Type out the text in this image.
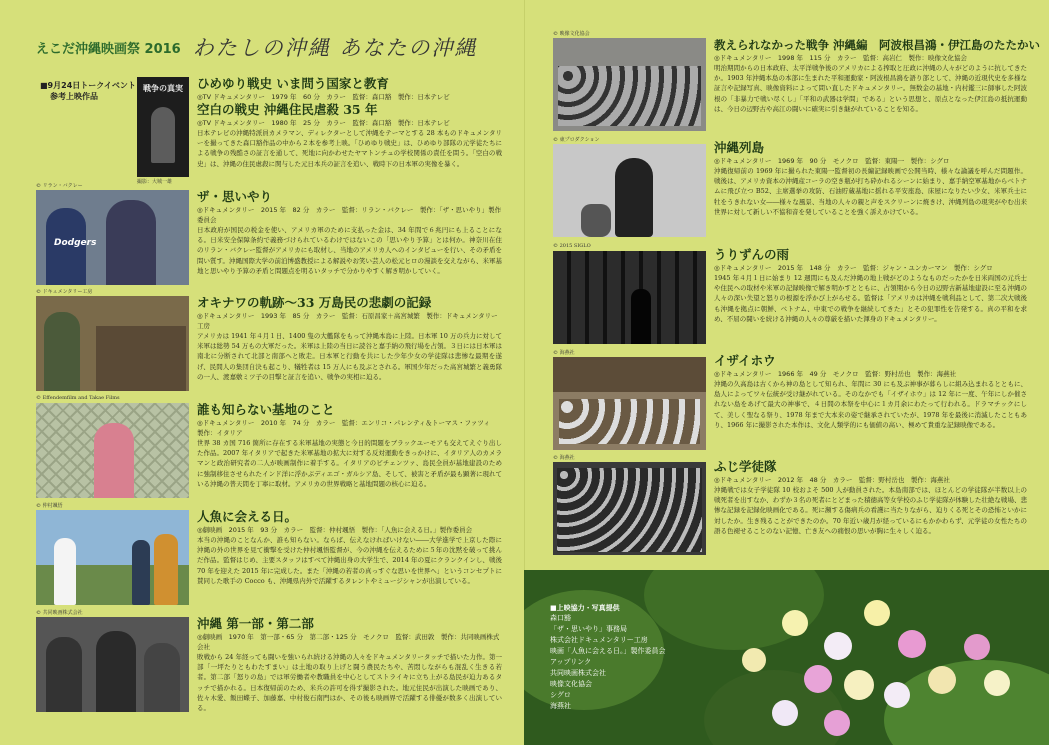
えこだ沖縄映画祭 2016 わたしの沖縄 あなたの沖縄
■9月24日トークイベント
参考上映作品
戦争の真実
撮影：大城一雄
ひめゆり戦史 いま問う国家と教育
◎TV ドキュメンタリー　1979 年　60 分　カラー　監督：森口豁　製作：日本テレビ
空白の戦史 沖縄住民虐殺 35 年
◎TV ドキュメンタリー　1980 年　25 分　カラー　監督：森口豁　製作：日本テレビ
日本テレビの沖縄特派員カメラマン、ディレクターとして沖縄をテーマとする 28 本ものドキュメンタリーを撮ってきた森口豁作品の中から２本を参考上映。「ひめゆり戦史」は、ひめゆり部隊の元学徒たちによる戦争の残酷さの証言を通して、死地に向かわせたヤマトンチュの学校関係の責任を問う。「空白の戦史」は、沖縄の住民虐殺に関与した元日本兵の証言を追い、戦時下の日本軍の実像を暴く。
© リラン・バクレー
Dodgers
ザ・思いやり
◎ドキュメンタリー　2015 年　82 分　カラー　監督：リラン・バクレー　製作：「ザ・思いやり」製作委員会
日本政府が国民の税金を使い、アメリカ軍のために支払った金は、34 年間で６兆円にも上ることになる。日米安全保障条約で義務づけられているわけではないこの「思いやり予算」とは何か。神奈川在住のリラン・バクレー監督がアメリカにも取材し、当地のアメリカ人へのインタビューを行い、その矛盾を問い質す。沖縄国際大学の前泊博盛教授による解説やお笑い芸人の松元ヒロの漫談を交えながら、米軍基地と思いやり予算の矛盾と問題点を明るいタッチで分かりやすく解き明かしていく。
© ドキュメンタリー工房
オキナワの軌跡～33 万島民の悲劇の記録
◎ドキュメンタリー　1993 年　85 分　カラー　監督：石原昌家＋高宮城繁　製作：ドキュメンタリー工房
アメリカは 1941 年４月１日、1400 隻の大艦隊をもって沖縄本島に上陸。日本軍 10 万の兵力に対して米軍は総勢 54 万もの大軍だった。米軍は上陸の当日に読谷と嘉手納の飛行場を占領。３日には日本軍は南北に分断されて北部と南部へと敗走。日本軍と行動を共にした少年少女の学徒隊は悲惨な最期を遂げ、民間人の集団自決も起こり、犠牲者は 15 万人にも及ぶとされる。軍国少年だった高宮城繁と義勇隊の一人、渡嘉敷ミツ子の目撃と証言を追い、戦争の実相に迫る。
© Effendemfilm and Takae Films
誰も知らない基地のこと
◎ドキュメンタリー　2010 年　74 分　カラー　監督：エンリコ・パレンティ＆トーマス・ファツィ　製作：イタリア
世界 38 カ国 716 箇所に存在する米軍基地の実態と今日的問題をブラックユーモアも交えてえぐり出した作品。2007 年イタリアで起きた米軍基地の拡大に対する反対運動をきっかけに、イタリア人のカメラマンと政治研究者の二人が映画制作に着手する。イタリアのビチェンツァ、島民全員が基地建設のために強制移住させられたインド洋に浮かぶディエゴ・ガルシア島、そして、被害と矛盾が最も顕著に現れている沖縄の普天間を丁寧に取材。アメリカの世界戦略と基地問題の核心に迫る。
© 仲村颯悟
人魚に会える日。
◎劇映画　2015 年　93 分　カラー　監督：仲村颯悟　製作：「人魚に会える日。」製作委員会
本当の沖縄のことなんか、誰も知らない。ならば、伝えなければいけない――大学進学で上京した際に沖縄の外の世界を見て衝撃を受けた仲村颯悟監督が、今の沖縄を伝えるために５年の沈黙を破って挑んだ作品。監督はじめ、主要スタッフはすべて沖縄出身の大学生で、2014 年の夏にクランクインし、戦後 70 年を迎えた 2015 年に完成した。また「沖縄の若者の真っすぐな思いを世界へ」というコンセプトに賛同した歌手の Cocco も、沖縄県内外で活躍するタレントやミュージシャンが出演している。
© 共同映画株式会社
沖縄 第一部・第二部
◎劇映画　1970 年　第一部・65 分　第二部・125 分　モノクロ　監督：武田敦　製作：共同映画株式会社
敗戦から 24 年経っても闘いを強いられ続ける沖縄の人々をドキュメンタリータッチで描いた力作。第一部「一坪たりともわたすまい」は土地の取り上げと闘う農民たちや、苦悶しながらも混乱く生きる若者。第二部「怒りの島」では軍労働者や教職員を中心としてストライキに立ち上がる島民が迫力あるタッチで描かれる。日本復帰前のため、米兵の許可を得ず撮影された。地元住民が出演した映画であり、佐々木愛、飯田蝶子、加藤嘉、中村俊石南門はか、その後も映画界で活躍する俳優が数多く出演している。
© 映像文化協会
教えられなかった戦争 沖縄編　阿波根昌鴻・伊江島のたたかい
◎ドキュメンタリー　1998 年　115 分　カラー　監督：高岩仁　製作：映像文化協会
明治期間からの日本政府、太平洋戦争後のアメリカによる搾取と圧政に沖縄の人々がどのように抗してきたか。1903 年沖縄本島の本部に生まれた平和運動家・阿波根昌鴻を語り部として、沖縄の近現代史を多様な証言や記録写真、映像資料によって問い直したドキュメンタリー。無数金の基地・内村鑑三に師事した阿波根の「非暴力で戦い尽くし」「平和の武器は学問」である」という思想と、原点となった伊江島の抵抗運動は、今日の辺野古や高江の闘いに確実に引き継がれていることを知る。
© 東プロダクション	沖縄列島
◎ドキュメンタリー　1969 年　90 分　モノクロ　監督：東陽一　製作：シグロ
沖縄復帰前の 1969 年に撮られた東陽一監督初の長編記録映画で公開当時、様々な論議を呼んだ問題作。戦後は、アメリカ資本の沖縄産コーラの空き瓶が打ち砕かれるシーンに始まり、嘉手納空軍基地からベトナムに飛び立つ B52、主席選挙の攻防、石油貯蔵基地に揺れる平安座島、床屋になりたい少女、米軍兵士に牡をうきれない女――様々な風景、当地の人々の親と声をスクリーンに焼きけ、沖縄列島の現実がやむ出来世界に対して新しい不協和音を発していることを強く訴えかけている。
© 2015 SIGLO
うりずんの雨
◎ドキュメンタリー　2015 年　148 分　カラー　監督：ジャン・ユンカーマン　製作：シグロ
1945 年４月１日に始まり 12 週間にも及んだ沖縄の地上戦がどのようなものだったかを日米両国の元兵士や住民への取材や米軍の記録映像で解き明かすとともに、占領期から今日の辺野古新基地建設に至る沖縄の人々の深い失望と怒りの根源を浮かび上がらせる。監督は「アメリカは沖縄を戦利品として、第二次大戦後も沖縄を拠点に朝鮮、ベトナム、中東での戦争を継続してきた」とその犯罪性を告発する。真の平和を求め、不屈の闘いを続ける沖縄の人々の尊厳を描いた渾身のドキュメンタリー。
© 海燕社	イザイホウ
◎ドキュメンタリー　1966 年　49 分　モノクロ　監督：野村岳也　製作：海燕社
沖縄の久高島は古くから神の島として知られ、年間に 30 にも及ぶ神事が暮らしに組み込まれるとともに、島人によってワ々伝統が受け継がれている。そのなかでも「イザイホウ」は 12 年に一度、午年にしか催されない島をあげて最大の神事で、４日間の本祭を中心に１カ月余にわたって行われる。ドラマチックにして、美しく聖なる祭り、1978 年まで大本来の姿で継承されていたが、1978 年を最後に消滅したこともあり、1966 年に撮影された本作は、文化人類学的にも価値の高い、極めて貴重な記録映像である。
© 海燕社
ふじ学徒隊
◎ドキュメンタリー　2012 年　48 分　カラー　監督：野村岳也　製作：海燕社
沖縄戦では女子学徒隊 10 校およそ 500 人が動員された。本島南部では、ほとんどの学徒隊が半数以上の戦死者を出すなか、わずか３名の死者にとどまった積徳高等女学校のふじ学徒隊が体験した壮絶な戦場、悲惨な記録を記録化映画化である。死に瀕する傷病兵の看護に当たりながら、迫りくる死とその恐怖といかに対したか。生き残ることができたのか。70 年近い歳月が経っているにもかかわらず、元学徒の女性たちの語る色褪せることのない記憶、亡き友への痛恨の思いが胸に生々しく迫る。
■上映協力・写真提供
森口豁
「ザ・思いやり」事務局
株式会社ドキュメンタリー工房
映画「人魚に会える日。」製作委員会
アップリンク
共同映画株式会社
映像文化協会
シグロ
海燕社
